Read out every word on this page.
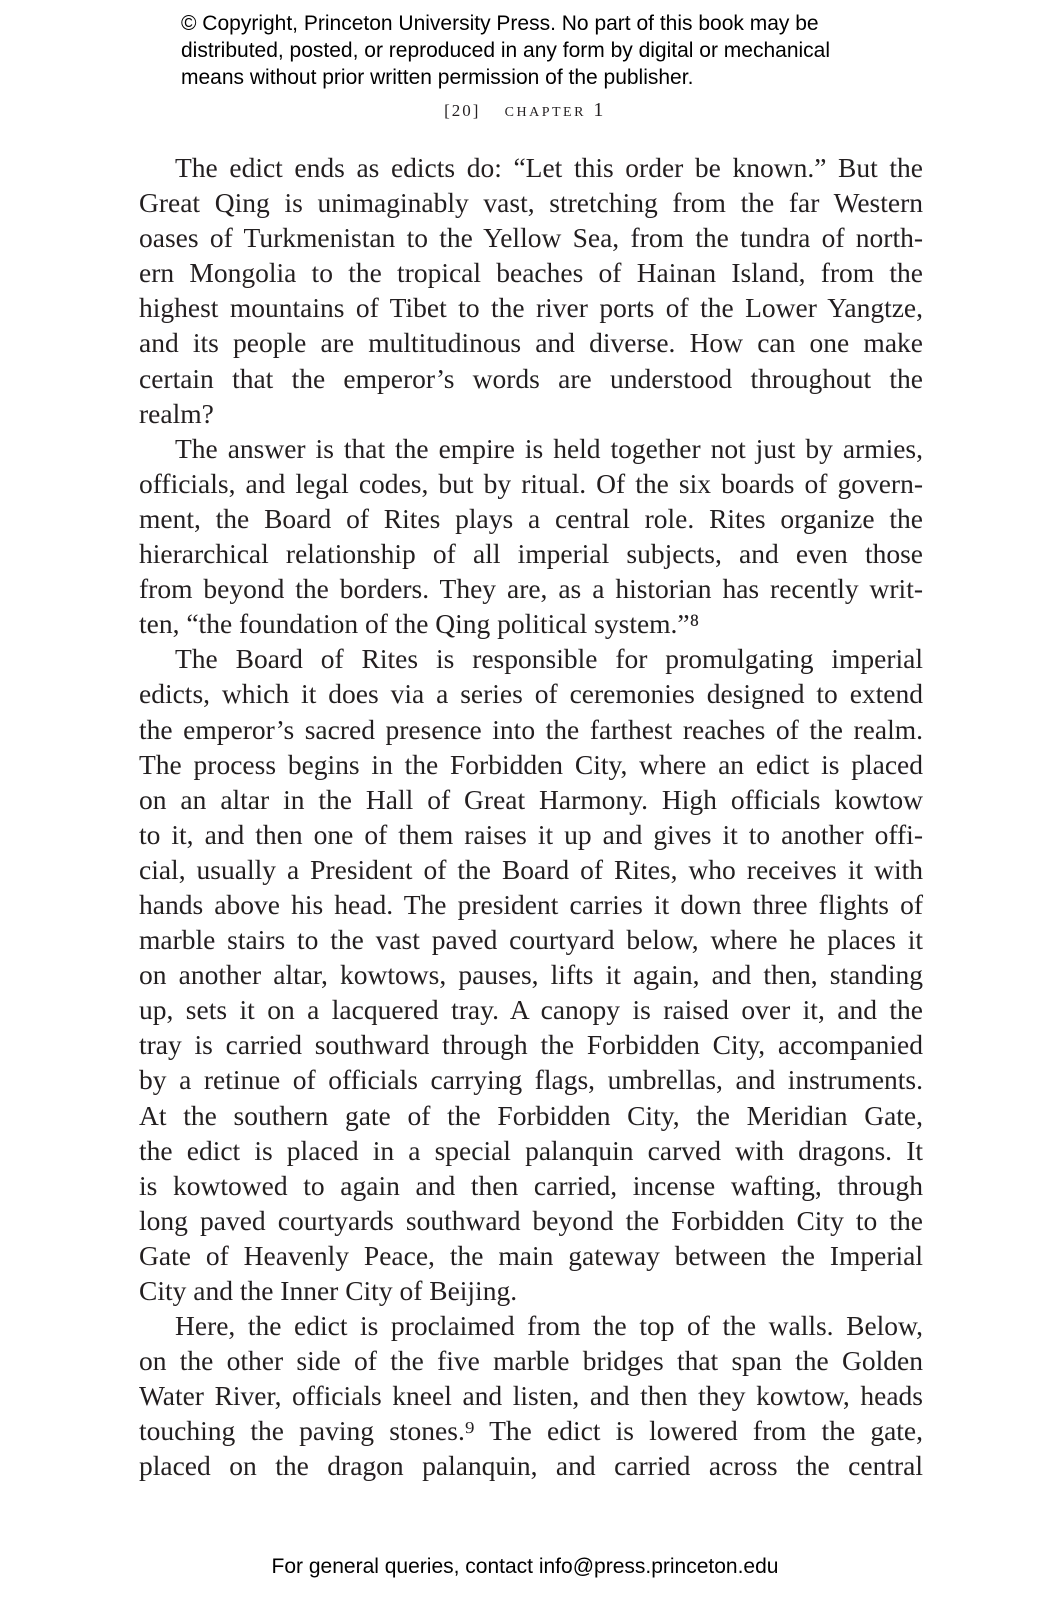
© Copyright, Princeton University Press. No part of this book may be
distributed, posted, or reproduced in any form by digital or mechanical
means without prior written permission of the publisher.
[20] chapter 1
The edict ends as edicts do: “Let this order be known.” But the
Great Qing is unimaginably vast, stretching from the far Western
oases of Turkmenistan to the Yellow Sea, from the tundra of north-
ern Mongolia to the tropical beaches of Hainan Island, from the
highest mountains of Tibet to the river ports of the Lower Yangtze,
and its people are multitudinous and diverse. How can one make
certain that the emperor’s words are understood throughout the
realm?
The answer is that the empire is held together not just by armies,
officials, and legal codes, but by ritual. Of the six boards of govern-
ment, the Board of Rites plays a central role. Rites organize the
hierarchical relationship of all imperial subjects, and even those
from beyond the borders. They are, as a historian has recently writ-
ten, “the foundation of the Qing political system.”⁸
The Board of Rites is responsible for promulgating imperial
edicts, which it does via a series of ceremonies designed to extend
the emperor’s sacred presence into the farthest reaches of the realm.
The process begins in the Forbidden City, where an edict is placed
on an altar in the Hall of Great Harmony. High officials kowtow
to it, and then one of them raises it up and gives it to another offi-
cial, usually a President of the Board of Rites, who receives it with
hands above his head. The president carries it down three flights of
marble stairs to the vast paved courtyard below, where he places it
on another altar, kowtows, pauses, lifts it again, and then, standing
up, sets it on a lacquered tray. A canopy is raised over it, and the
tray is carried southward through the Forbidden City, accompanied
by a retinue of officials carrying flags, umbrellas, and instruments.
At the southern gate of the Forbidden City, the Meridian Gate,
the edict is placed in a special palanquin carved with dragons. It
is kowtowed to again and then carried, incense wafting, through
long paved courtyards southward beyond the Forbidden City to the
Gate of Heavenly Peace, the main gateway between the Imperial
City and the Inner City of Beijing.
Here, the edict is proclaimed from the top of the walls. Below,
on the other side of the five marble bridges that span the Golden
Water River, officials kneel and listen, and then they kowtow, heads
touching the paving stones.⁹ The edict is lowered from the gate,
placed on the dragon palanquin, and carried across the central
For general queries, contact info@press.princeton.edu
